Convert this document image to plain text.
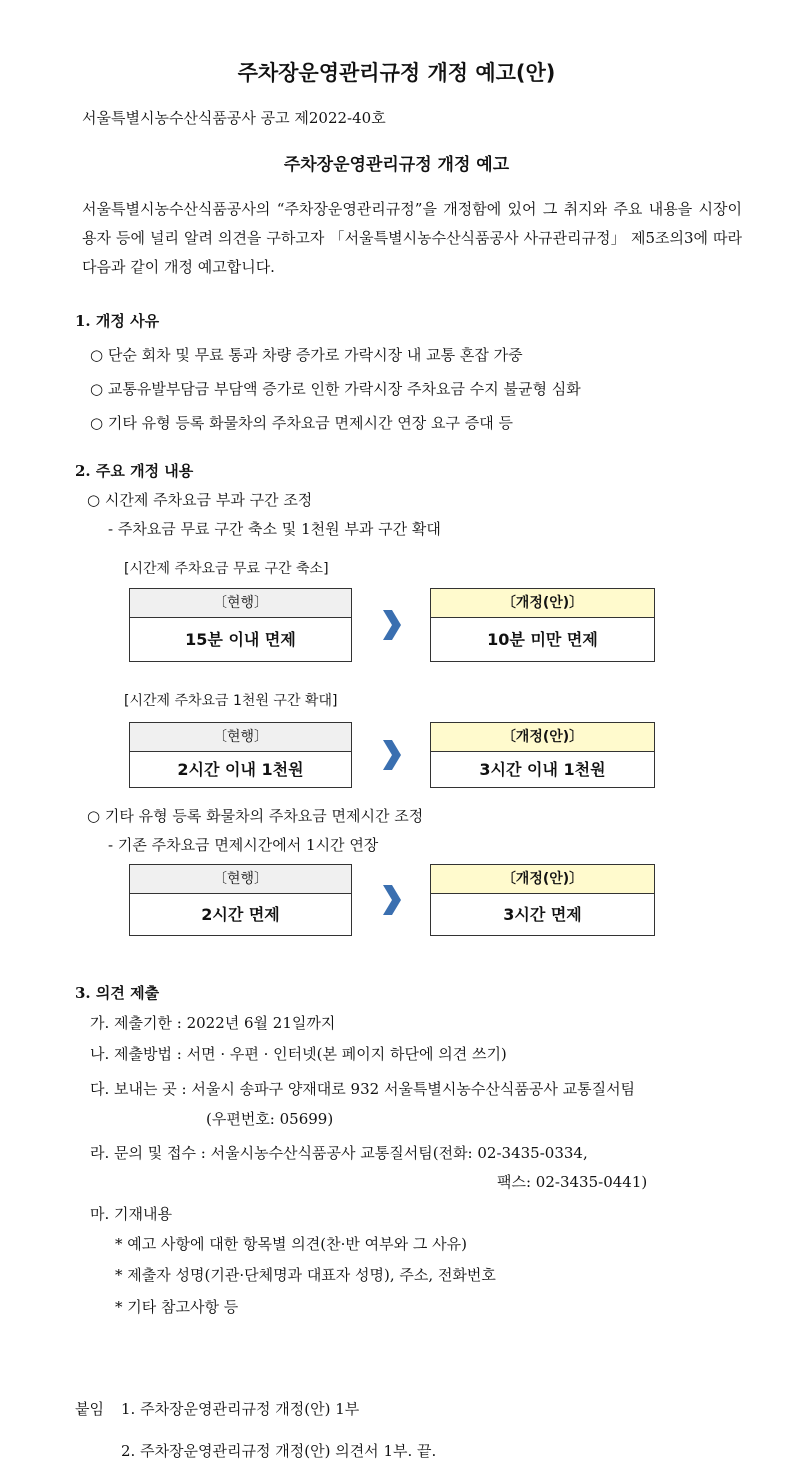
주차장운영관리규정 개정 예고(안)
서울특별시농수산식품공사 공고 제2022-40호
주차장운영관리규정 개정 예고
서울특별시농수산식품공사의 “주차장운영관리규정”을 개정함에 있어 그 취지와 주요 내용을 시장이용자 등에 널리 알려 의견을 구하고자 「서울특별시농수산식품공사 사규관리규정」 제5조의3에 따라 다음과 같이 개정 예고합니다.
1. 개정 사유
○ 단순 회차 및 무료 통과 차량 증가로 가락시장 내 교통 혼잡 가중
○ 교통유발부담금 부담액 증가로 인한 가락시장 주차요금 수지 불균형 심화
○ 기타 유형 등록 화물차의 주차요금 면제시간 연장 요구 증대 등
2. 주요 개정 내용
○ 시간제 주차요금 부과 구간 조정
- 주차요금 무료 구간 축소 및 1천원 부과 구간 확대
[시간제 주차요금 무료 구간 축소]
〔현행〕
15분 이내 면제
〔개정(안)〕
10분 미만 면제
[시간제 주차요금 1천원 구간 확대]
〔현행〕
2시간 이내 1천원
〔개정(안)〕
3시간 이내 1천원
○ 기타 유형 등록 화물차의 주차요금 면제시간 조정
- 기존 주차요금 면제시간에서 1시간 연장
〔현행〕
2시간 면제
〔개정(안)〕
3시간 면제
3. 의견 제출
가. 제출기한 : 2022년 6월 21일까지
나. 제출방법 : 서면 · 우편 · 인터넷(본 페이지 하단에 의견 쓰기)
다. 보내는 곳 : 서울시 송파구 양재대로 932 서울특별시농수산식품공사 교통질서팀
(우편번호: 05699)
라. 문의 및 접수 : 서울시농수산식품공사 교통질서팀(전화: 02-3435-0334,
팩스: 02-3435-0441)
마. 기재내용
* 예고 사항에 대한 항목별 의견(찬·반 여부와 그 사유)
* 제출자 성명(기관·단체명과 대표자 성명), 주소, 전화번호
* 기타 참고사항 등
붙임 1. 주차장운영관리규정 개정(안) 1부
2. 주차장운영관리규정 개정(안) 의견서 1부. 끝.
